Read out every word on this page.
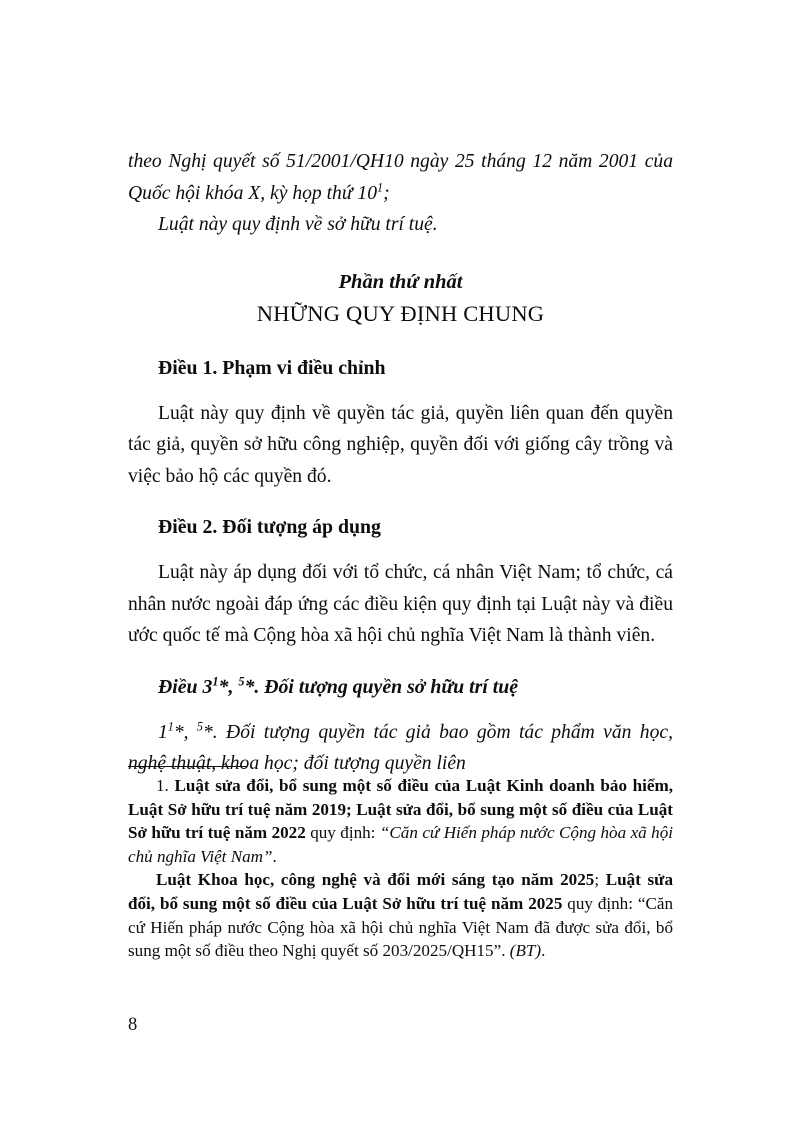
theo Nghị quyết số 51/2001/QH10 ngày 25 tháng 12 năm 2001 của Quốc hội khóa X, kỳ họp thứ $10^1$;

Luật này quy định về sở hữu trí tuệ.

Phần thứ nhất

NHỮNG QUY ĐỊNH CHUNG

Điều 1. Phạm vi điều chỉnh

Luật này quy định về quyền tác giả, quyền liên quan đến quyền tác giả, quyền sở hữu công nghiệp, quyền đối với giống cây trồng và việc bảo hộ các quyền đó.

Điều 2. Đối tượng áp dụng

Luật này áp dụng đối với tổ chức, cá nhân Việt Nam; tổ chức, cá nhân nước ngoài đáp ứng các điều kiện quy định tại Luật này và điều ước quốc tế mà Cộng hòa xã hội chủ nghĩa Việt Nam là thành viên.

Điều $3^1*$, $^5$*. Đối tượng quyền sở hữu trí tuệ

$1^1*$, $^5$*. Đối tượng quyền tác giả bao gồm tác phẩm văn học, nghệ thuật, khoa học; đối tượng quyền liên

1. Luật sửa đổi, bổ sung một số điều của Luật Kinh doanh bảo hiểm, Luật Sở hữu trí tuệ năm 2019; Luật sửa đổi, bổ sung một số điều của Luật Sở hữu trí tuệ năm 2022 quy định: “Căn cứ Hiến pháp nước Cộng hòa xã hội chủ nghĩa Việt Nam”.

Luật Khoa học, công nghệ và đổi mới sáng tạo năm 2025; Luật sửa đổi, bổ sung một số điều của Luật Sở hữu trí tuệ năm 2025 quy định: “Căn cứ Hiến pháp nước Cộng hòa xã hội chủ nghĩa Việt Nam đã được sửa đổi, bổ sung một số điều theo Nghị quyết số 203/2025/QH15”. (BT).

8
